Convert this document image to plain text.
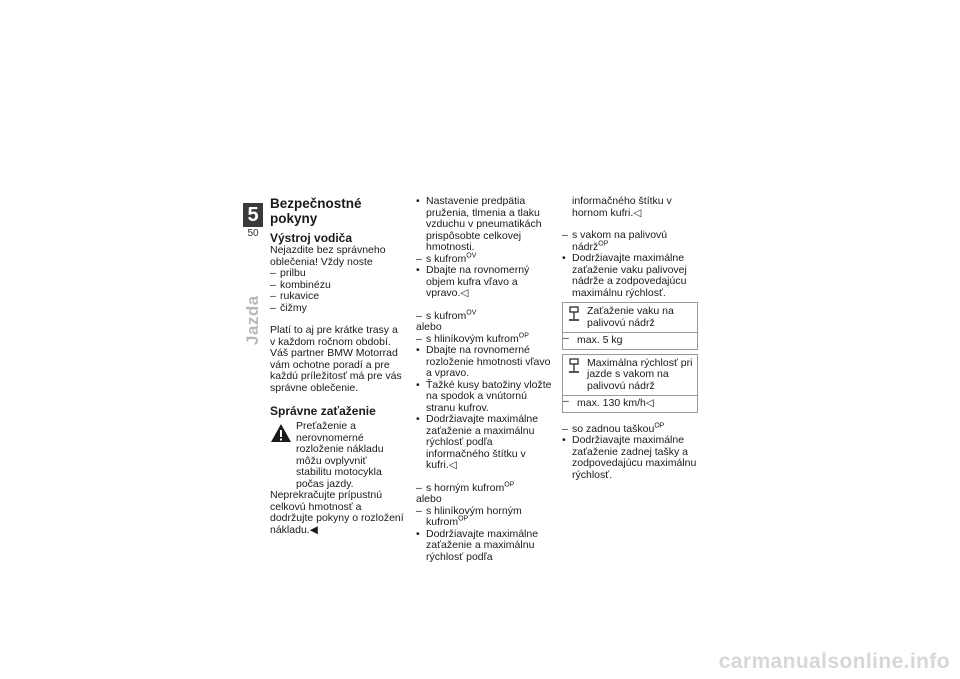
5
50
Jazda

Bezpečnostné pokyny

Výstroj vodiča

Nejazdite bez správneho oblečenia! Vždy noste

– prilbu

– kombinézu

– rukavice

– čižmy

Platí to aj pre krátke trasy a v každom ročnom období. Váš partner BMW Motorrad vám ochotne poradí a pre každú príležitosť má pre vás správne oblečenie.

Správne zaťaženie

Preťaženie a nerovnomerné rozloženie nákladu môžu ovplyvniť stabilitu motocykla počas jazdy.

Neprekračujte prípustnú celkovú hmotnosť a dodržujte pokyny o rozložení nákladu.◀

• Nastavenie predpätia pruženia, tlmenia a tlaku vzduchu v pneumatikách prispôsobte celkovej hmotnosti.

– s kufrom$^{OV}$

• Dbajte na rovnomerný objem kufra vľavo a vpravo.◁

– s kufrom$^{OV}$

alebo

– s hliníkovým kufrom$^{OP}$

• Dbajte na rovnomerné rozloženie hmotnosti vľavo a vpravo.

• Ťažké kusy batožiny vložte na spodok a vnútornú stranu kufrov.

• Dodržiavajte maximálne zaťaženie a maximálnu rýchlosť podľa informačného štítku v kufri.◁

– s horným kufrom$^{OP}$

alebo

– s hliníkovým horným kufrom$^{OP}$

• Dodržiavajte maximálne zaťaženie a maximálnu rýchlosť podľa

informačného štítku v hornom kufri.◁

– s vakom na palivovú nádrž$^{OP}$

• Dodržiavajte maximálne zaťaženie vaku palivovej nádrže a zodpovedajúcu maximálnu rýchlosť.

Zaťaženie vaku na palivovú nádrž
– max. 5 kg
Maximálna rýchlosť pri jazde s vakom na palivovú nádrž
– max. 130 km/h◁

– so zadnou taškou$^{OP}$

• Dodržiavajte maximálne zaťaženie zadnej tašky a zodpovedajúcu maximálnu rýchlosť.

carmanualsonline.info
